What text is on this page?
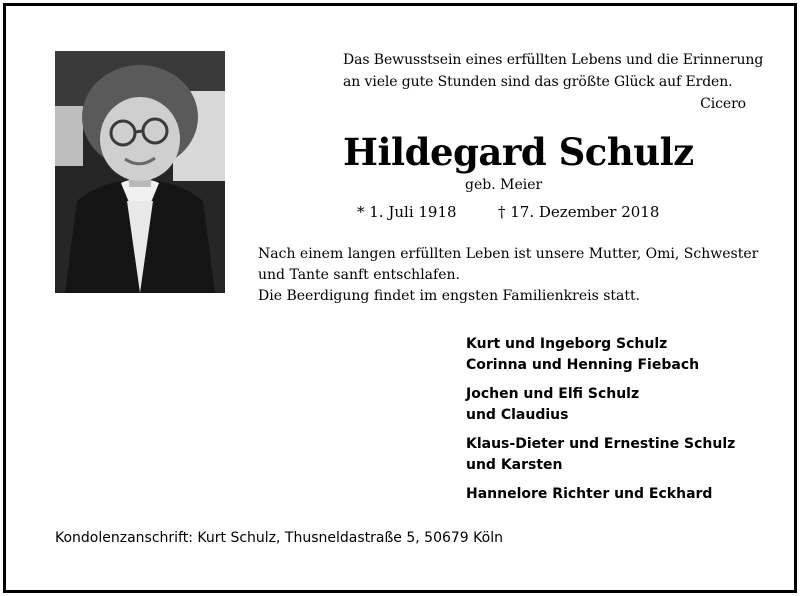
Das Bewusstsein eines erfüllten Lebens und die Erinnerung
an viele gute Stunden sind das größte Glück auf Erden.
Cicero
Hildegard Schulz
geb. Meier
* 1. Juli 1918	† 17. Dezember 2018
Nach einem langen erfüllten Leben ist unsere Mutter, Omi, Schwester
und Tante sanft entschlafen.
Die Beerdigung findet im engsten Familienkreis statt.
Kurt und Ingeborg Schulz
Corinna und Henning Fiebach
Jochen und Elfi Schulz
und Claudius
Klaus-Dieter und Ernestine Schulz
und Karsten
Hannelore Richter und Eckhard
Kondolenzanschrift: Kurt Schulz, Thusneldastraße 5, 50679 Köln
